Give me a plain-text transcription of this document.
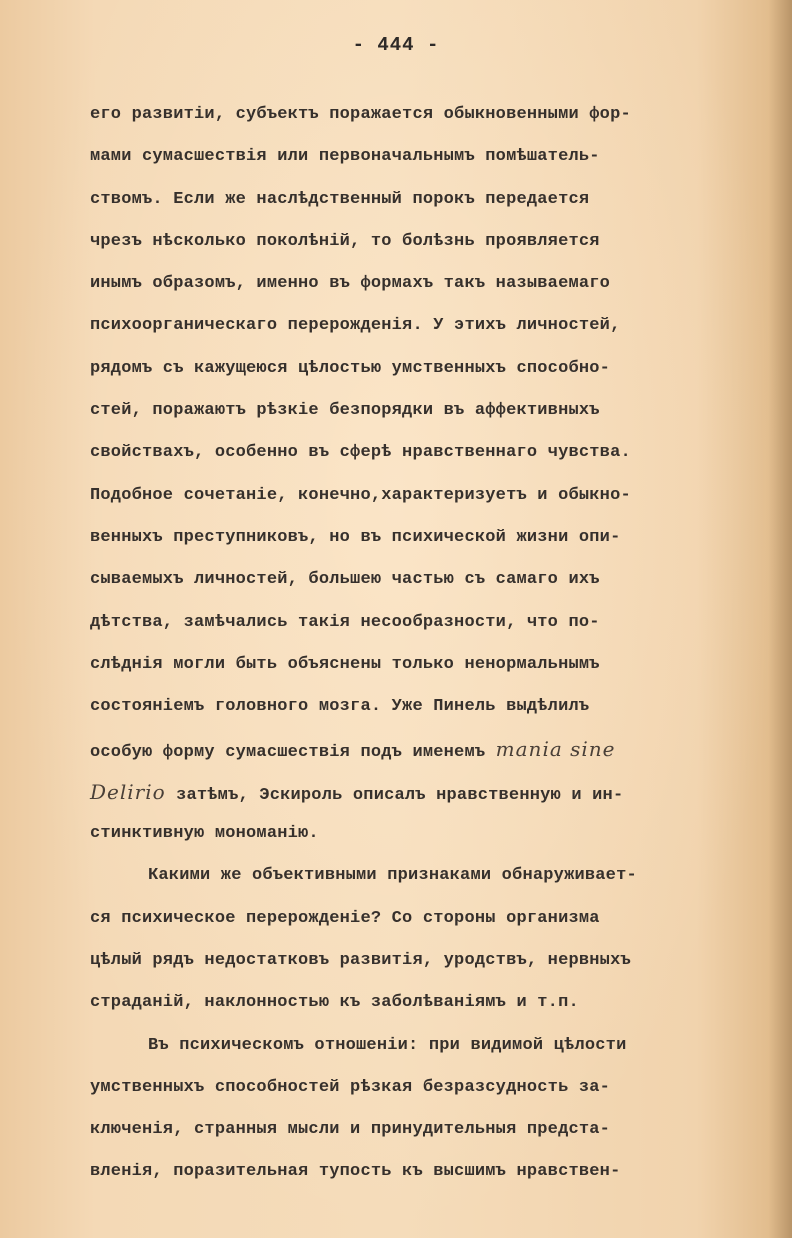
- 444 -
его развитіи, субъектъ поражается обыкновенными фор-
мами сумасшествія или первоначальнымъ помѣшатель-
ствомъ. Если же наслѣдственный порокъ передается
чрезъ нѣсколько поколѣній, то болѣзнь проявляется
инымъ образомъ, именно въ формахъ такъ называемаго
психоорганическаго перерожденія. У этихъ личностей,
рядомъ съ кажущеюся цѣлостью умственныхъ способно-
стей, поражаютъ рѣзкіе безпорядки въ аффективныхъ
свойствахъ, особенно въ сферѣ нравственнаго чувства.
Подобное сочетаніе, конечно,характеризуетъ и обыкно-
венныхъ преступниковъ, но въ психической жизни опи-
сываемыхъ личностей, большею частью съ самаго ихъ
дѣтства, замѣчались такія несообразности, что по-
слѣднія могли быть объяснены только ненормальнымъ
состояніемъ головного мозга. Уже Пинель выдѣлилъ
особую форму сумасшествія подъ именемъ mania sine
Delirio затѣмъ, Эскироль описалъ нравственную и ин-
стинктивную мономанію.
Какими же объективными признаками обнаруживает-
ся психическое перерожденіе? Со стороны организма
цѣлый рядъ недостатковъ развитія, уродствъ, нервныхъ
страданій, наклонностью къ заболѣваніямъ и т.п.
Въ психическомъ отношеніи: при видимой цѣлости
умственныхъ способностей рѣзкая безразсудность за-
ключенія, странныя мысли и принудительныя предста-
вленія, поразительная тупость къ высшимъ нравствен-
